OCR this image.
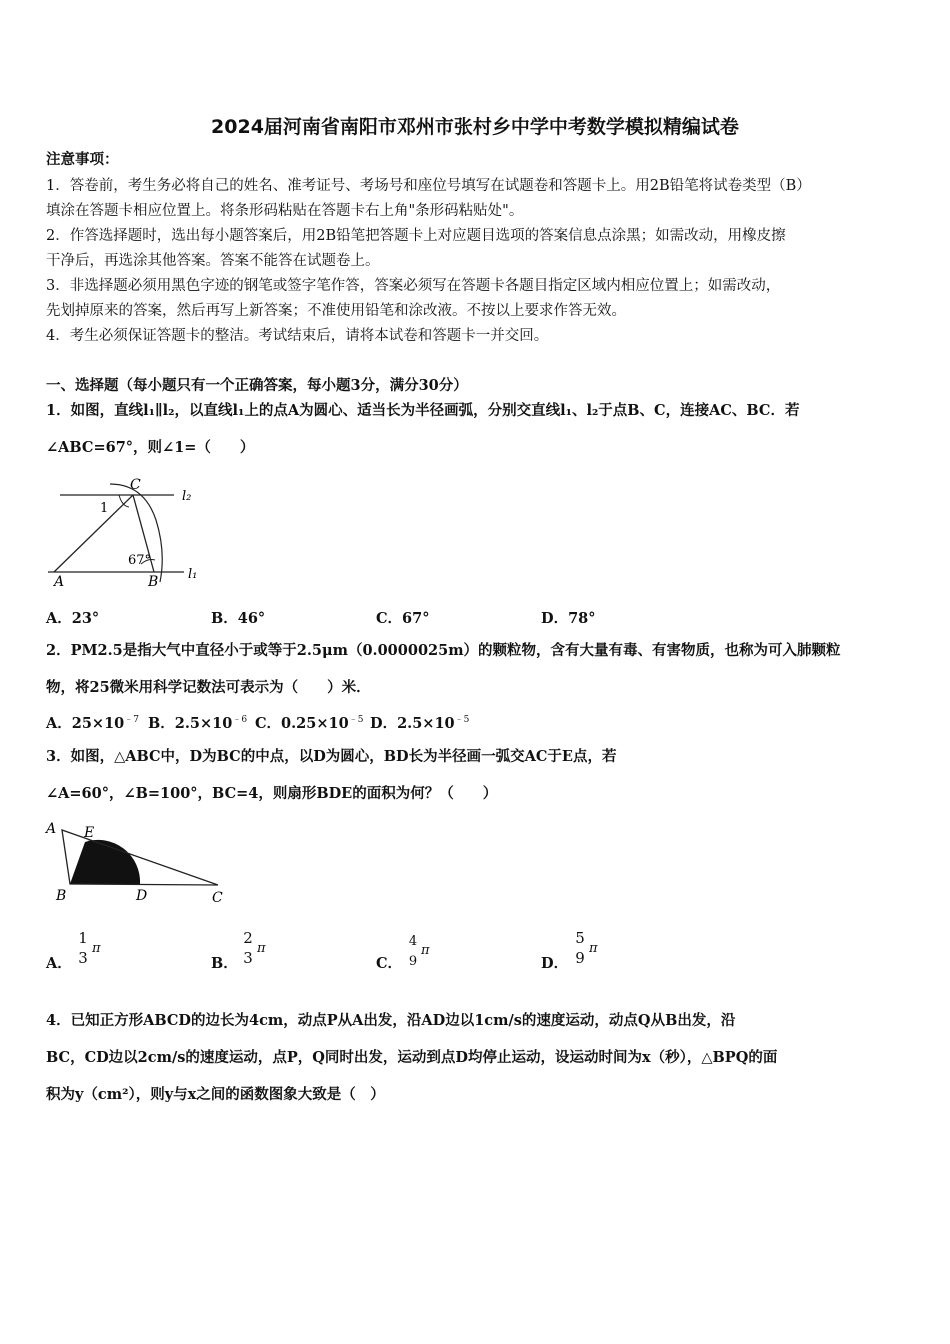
2024届河南省南阳市邓州市张村乡中学中考数学模拟精编试卷
注意事项：
1．答卷前，考生务必将自己的姓名、准考证号、考场号和座位号填写在试题卷和答题卡上。用2B铅笔将试卷类型（B）
填涂在答题卡相应位置上。将条形码粘贴在答题卡右上角"条形码粘贴处"。
2．作答选择题时，选出每小题答案后，用2B铅笔把答题卡上对应题目选项的答案信息点涂黑；如需改动，用橡皮擦
干净后，再选涂其他答案。答案不能答在试题卷上。
3．非选择题必须用黑色字迹的钢笔或签字笔作答，答案必须写在答题卡各题目指定区域内相应位置上；如需改动，
先划掉原来的答案，然后再写上新答案；不准使用铅笔和涂改液。不按以上要求作答无效。
4．考生必须保证答题卡的整洁。考试结束后，请将本试卷和答题卡一并交回。
一、选择题（每小题只有一个正确答案，每小题3分，满分30分）
1．如图，直线l₁∥l₂，以直线l₁上的点A为圆心、适当长为半径画弧，分别交直线l₁、l₂于点B、C，连接AC、BC．若
∠ABC=67°，则∠1=（　　）
C
l₂
1
67°
A	B l₁
A．23°	B．46°	C．67°	D．78°
2．PM2.5是指大气中直径小于或等于2.5μm（0.0000025m）的颗粒物，含有大量有毒、有害物质，也称为可入肺颗粒
物，将25微米用科学记数法可表示为（　　）米．
A．$25\times 10^{﹣7}$ B．$2.5\times 10^{﹣6}$ C．$0.25\times 10^{﹣5}$ D．$2.5\times 10^{﹣5}$
3．如图，△ABC中，D为BC的中点，以D为圆心，BD长为半径画一弧交AC于E点，若
∠A=60°，∠B=100°，BC=4，则扇形BDE的面积为何？（　　）
A E
B	D	C
A．
1
3
π
B．
2
3
π
C．
4
9
π
D．
5
9
π
4．已知正方形ABCD的边长为4cm，动点P从A出发，沿AD边以1cm/s的速度运动，动点Q从B出发，沿
BC，CD边以2cm/s的速度运动，点P，Q同时出发，运动到点D均停止运动，设运动时间为x（秒），△BPQ的面
积为y（cm²），则y与x之间的函数图象大致是（　）
